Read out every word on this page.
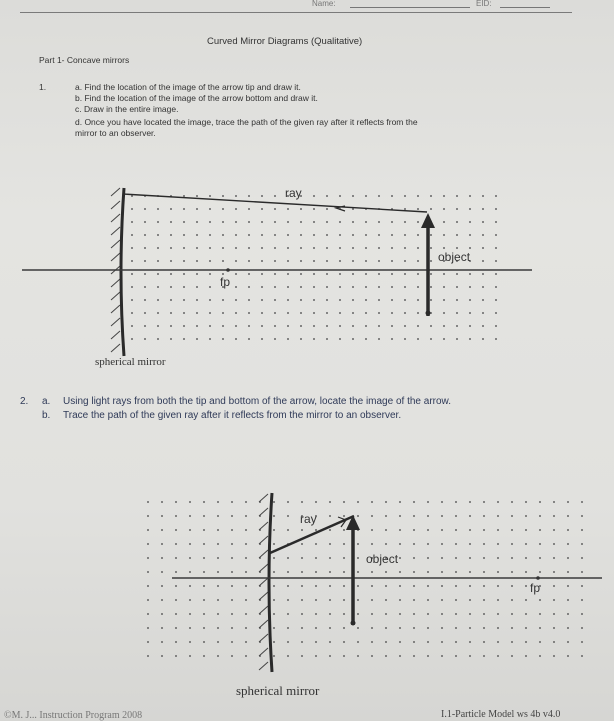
Name:	EID:
Curved Mirror Diagrams (Qualitative)
Part 1- Concave mirrors
1.	a. Find the location of the image of the arrow tip and draw it.
b. Find the location of the image of the arrow bottom and draw it.
c. Draw in the entire image.
d. Once you have located the image, trace the path of the given ray after it reflects from the
mirror to an observer.
ray
object
fp
spherical mirror
2. a. Using light rays from both the tip and bottom of the arrow, locate the image of the arrow.
b. Trace the path of the given ray after it reflects from the mirror to an observer.
ray
object
fp
spherical mirror
©M. J... Instruction Program 2008	I.1-Particle Model ws 4b v4.0
